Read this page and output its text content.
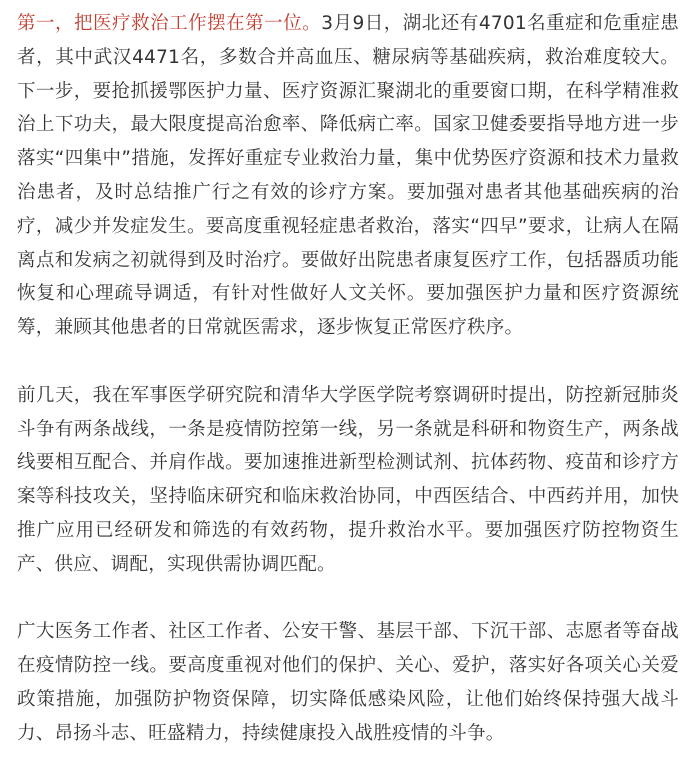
第一，把医疗救治工作摆在第一位。3月9日，湖北还有4701名重症和危重症患者，其中武汉4471名，多数合并高血压、糖尿病等基础疾病，救治难度较大。下一步，要抢抓援鄂医护力量、医疗资源汇聚湖北的重要窗口期，在科学精准救治上下功夫，最大限度提高治愈率、降低病亡率。国家卫健委要指导地方进一步落实“四集中”措施，发挥好重症专业救治力量，集中优势医疗资源和技术力量救治患者，及时总结推广行之有效的诊疗方案。要加强对患者其他基础疾病的治疗，减少并发症发生。要高度重视轻症患者救治，落实“四早”要求，让病人在隔离点和发病之初就得到及时治疗。要做好出院患者康复医疗工作，包括器质功能恢复和心理疏导调适，有针对性做好人文关怀。要加强医护力量和医疗资源统筹，兼顾其他患者的日常就医需求，逐步恢复正常医疗秩序。

前几天，我在军事医学研究院和清华大学医学院考察调研时提出，防控新冠肺炎斗争有两条战线，一条是疫情防控第一线，另一条就是科研和物资生产，两条战线要相互配合、并肩作战。要加速推进新型检测试剂、抗体药物、疫苗和诊疗方案等科技攻关，坚持临床研究和临床救治协同，中西医结合、中西药并用，加快推广应用已经研发和筛选的有效药物，提升救治水平。要加强医疗防控物资生产、供应、调配，实现供需协调匹配。

广大医务工作者、社区工作者、公安干警、基层干部、下沉干部、志愿者等奋战在疫情防控一线。要高度重视对他们的保护、关心、爱护，落实好各项关心关爱政策措施，加强防护物资保障，切实降低感染风险，让他们始终保持强大战斗力、昂扬斗志、旺盛精力，持续健康投入战胜疫情的斗争。
